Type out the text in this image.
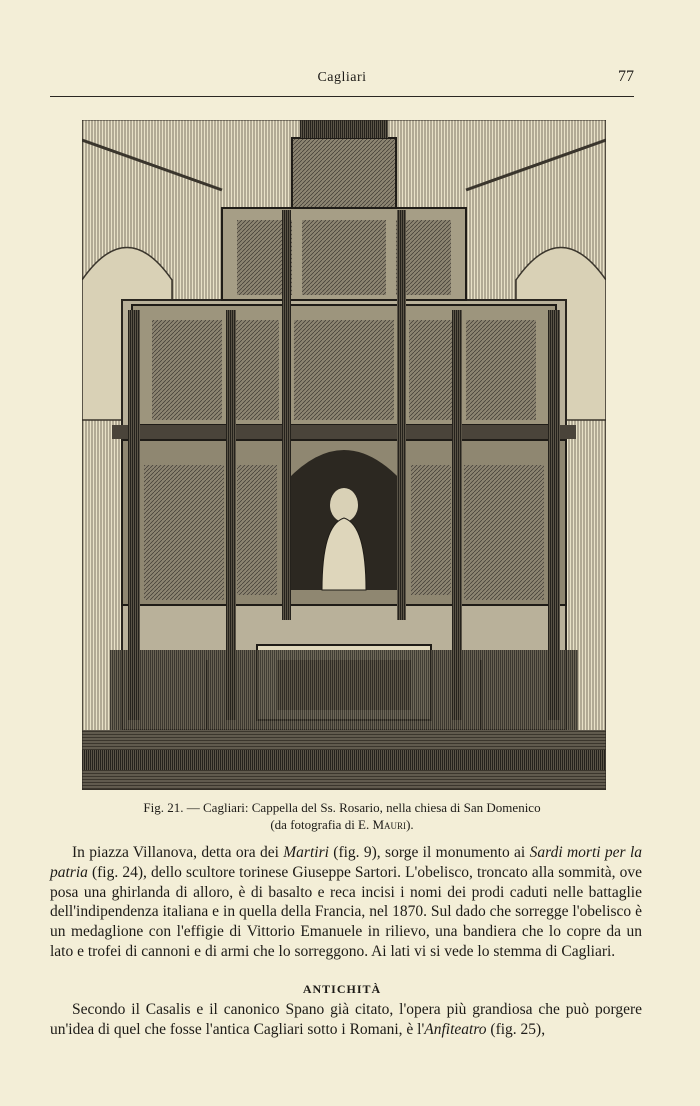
Cagliari	77
Fig. 21. — Cagliari: Cappella del Ss. Rosario, nella chiesa di San Domenico
(da fotografia di E. Mauri).

In piazza Villanova, detta ora dei Martiri (fig. 9), sorge il monumento ai Sardi morti per la patria (fig. 24), dello scultore torinese Giuseppe Sartori. L'obelisco, troncato alla sommità, ove posa una ghirlanda di alloro, è di basalto e reca incisi i nomi dei prodi caduti nelle battaglie dell'indipendenza italiana e in quella della Francia, nel 1870. Sul dado che sorregge l'obelisco è un medaglione con l'effigie di Vittorio Emanuele in rilievo, una bandiera che lo copre da un lato e trofei di cannoni e di armi che lo sorreggono. Ai lati vi si vede lo stemma di Cagliari.

ANTICHITÀ

Secondo il Casalis e il canonico Spano già citato, l'opera più grandiosa che può porgere un'idea di quel che fosse l'antica Cagliari sotto i Romani, è l'Anfiteatro (fig. 25),
